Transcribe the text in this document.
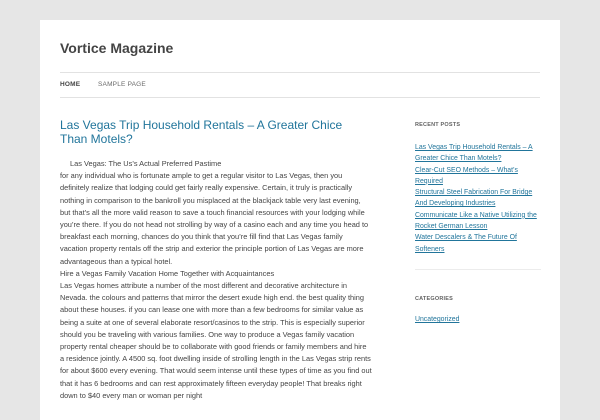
Vortice Magazine
HOME	SAMPLE PAGE
Las Vegas Trip Household Rentals – A Greater Chice Than Motels?

Las Vegas: The Us’s Actual Preferred Pastime

for any individual who is fortunate ample to get a regular visitor to Las Vegas, then you definitely realize that lodging could get fairly really expensive. Certain, it truly is practically nothing in comparison to the bankroll you misplaced at the blackjack table very last evening, but that’s all the more valid reason to save a touch financial resources with your lodging while you’re there. If you do not head not strolling by way of a casino each and any time you head to breakfast each morning, chances do you think that you’re fill find that Las Vegas family vacation property rentals off the strip and exterior the principle portion of Las Vegas are more advantageous than a typical hotel.

Hire a Vegas Family Vacation Home Together with Acquaintances

Las Vegas homes attribute a number of the most different and decorative architecture in Nevada. the colours and patterns that mirror the desert exude high end. the best quality thing about these houses. if you can lease one with more than a few bedrooms for similar value as being a suite at one of several elaborate resort/casinos to the strip. This is especially superior should you be traveling with various families. One way to produce a Vegas family vacation property rental cheaper should be to collaborate with good friends or family members and hire a residence jointly. A 4500 sq. foot dwelling inside of strolling length in the Las Vegas strip rents for about $600 every evening. That would seem intense until these types of time as you find out that it has 6 bedrooms and can rest approximately fifteen everyday people! That breaks right down to $40 every man or woman per night

RECENT POSTS
Las Vegas Trip Household Rentals – A Greater Chice Than Motels?
Clear-Cut SEO Methods – What’s Required
Structural Steel Fabrication For Bridge And Developing Industries
Communicate Like a Native Utilizing the Rocket German Lesson
Water Descalers & The Future Of Softeners
CATEGORIES
Uncategorized
